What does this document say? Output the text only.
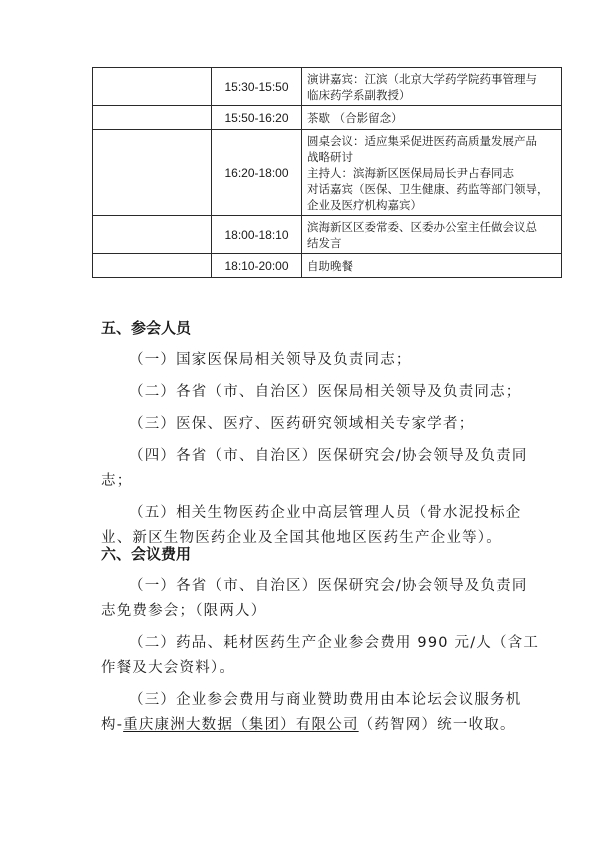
	15:30-15:50	演讲嘉宾：江滨（北京大学药学院药事管理与
临床药学系副教授）

	15:50-16:20	茶歇 （合影留念）

	16:20-18:00	圆桌会议：适应集采促进医药高质量发展产品
战略研讨
主持人：滨海新区医保局局长尹占春同志
对话嘉宾（医保、卫生健康、药监等部门领导，
企业及医疗机构嘉宾）

	18:00-18:10	滨海新区区委常委、区委办公室主任做会议总
结发言

	18:10-20:00	自助晚餐
五、参会人员
（一）国家医保局相关领导及负责同志；
（二）各省（市、自治区）医保局相关领导及负责同志；
（三）医保、医疗、医药研究领域相关专家学者；
（四）各省（市、自治区）医保研究会/协会领导及负责同志；
（五）相关生物医药企业中高层管理人员（骨水泥投标企业、新区生物医药企业及全国其他地区医药生产企业等）。
六、会议费用
（一）各省（市、自治区）医保研究会/协会领导及负责同志免费参会；（限两人）
（二）药品、耗材医药生产企业参会费用 990 元/人（含工作餐及大会资料）。
（三）企业参会费用与商业赞助费用由本论坛会议服务机构-重庆康洲大数据（集团）有限公司（药智网）统一收取。
